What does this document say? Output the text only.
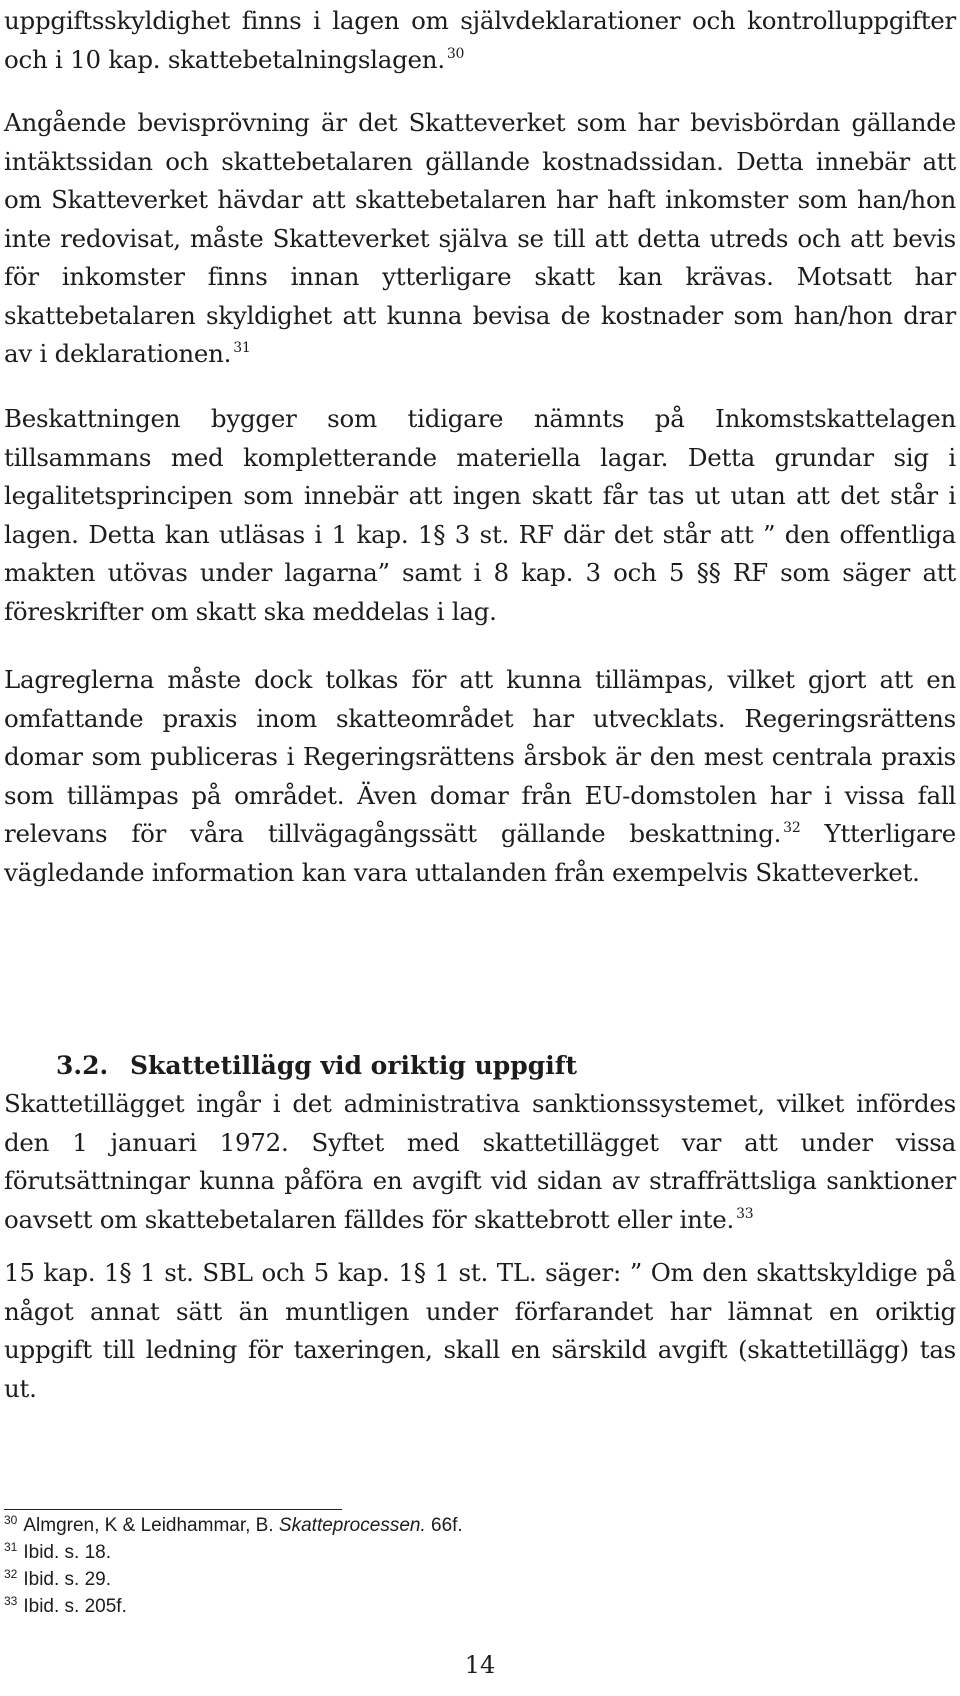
uppgiftsskyldighet finns i lagen om självdeklarationer och kontrolluppgifter och i 10 kap. skattebetalningslagen. $^{30}$

Angående bevisprövning är det Skatteverket som har bevisbördan gällande intäktssidan och skattebetalaren gällande kostnadssidan. Detta innebär att om Skatteverket hävdar att skattebetalaren har haft inkomster som han/hon inte redovisat, måste Skatteverket själva se till att detta utreds och att bevis för inkomster finns innan ytterligare skatt kan krävas. Motsatt har skattebetalaren skyldighet att kunna bevisa de kostnader som han/hon drar av i deklarationen. $^{31}$

Beskattningen bygger som tidigare nämnts på Inkomstskattelagen tillsammans med kompletterande materiella lagar. Detta grundar sig i legalitetsprincipen som innebär att ingen skatt får tas ut utan att det står i lagen. Detta kan utläsas i 1 kap. 1§ 3 st. RF där det står att ” den offentliga makten utövas under lagarna” samt i 8 kap. 3 och 5 §§ RF som säger att föreskrifter om skatt ska meddelas i lag.

Lagreglerna måste dock tolkas för att kunna tillämpas, vilket gjort att en omfattande praxis inom skatteområdet har utvecklats. Regeringsrättens domar som publiceras i Regeringsrättens årsbok är den mest centrala praxis som tillämpas på området. Även domar från EU-domstolen har i vissa fall relevans för våra tillvägagångssätt gällande beskattning. $^{32}$ Ytterligare vägledande information kan vara uttalanden från exempelvis Skatteverket.

3.2. Skattetillägg vid oriktig uppgift

Skattetillägget ingår i det administrativa sanktionssystemet, vilket infördes den 1 januari 1972. Syftet med skattetillägget var att under vissa förutsättningar kunna påföra en avgift vid sidan av straffrättsliga sanktioner oavsett om skattebetalaren fälldes för skattebrott eller inte. $^{33}$

15 kap. 1§ 1 st. SBL och 5 kap. 1§ 1 st. TL. säger: ” Om den skattskyldige på något annat sätt än muntligen under förfarandet har lämnat en oriktig uppgift till ledning för taxeringen, skall en särskild avgift (skattetillägg) tas ut.

$^{30}$ Almgren, K & Leidhammar, B. Skatteprocessen. 66f.

$^{31}$ Ibid. s. 18.

$^{32}$ Ibid. s. 29.

$^{33}$ Ibid. s. 205f.

14
